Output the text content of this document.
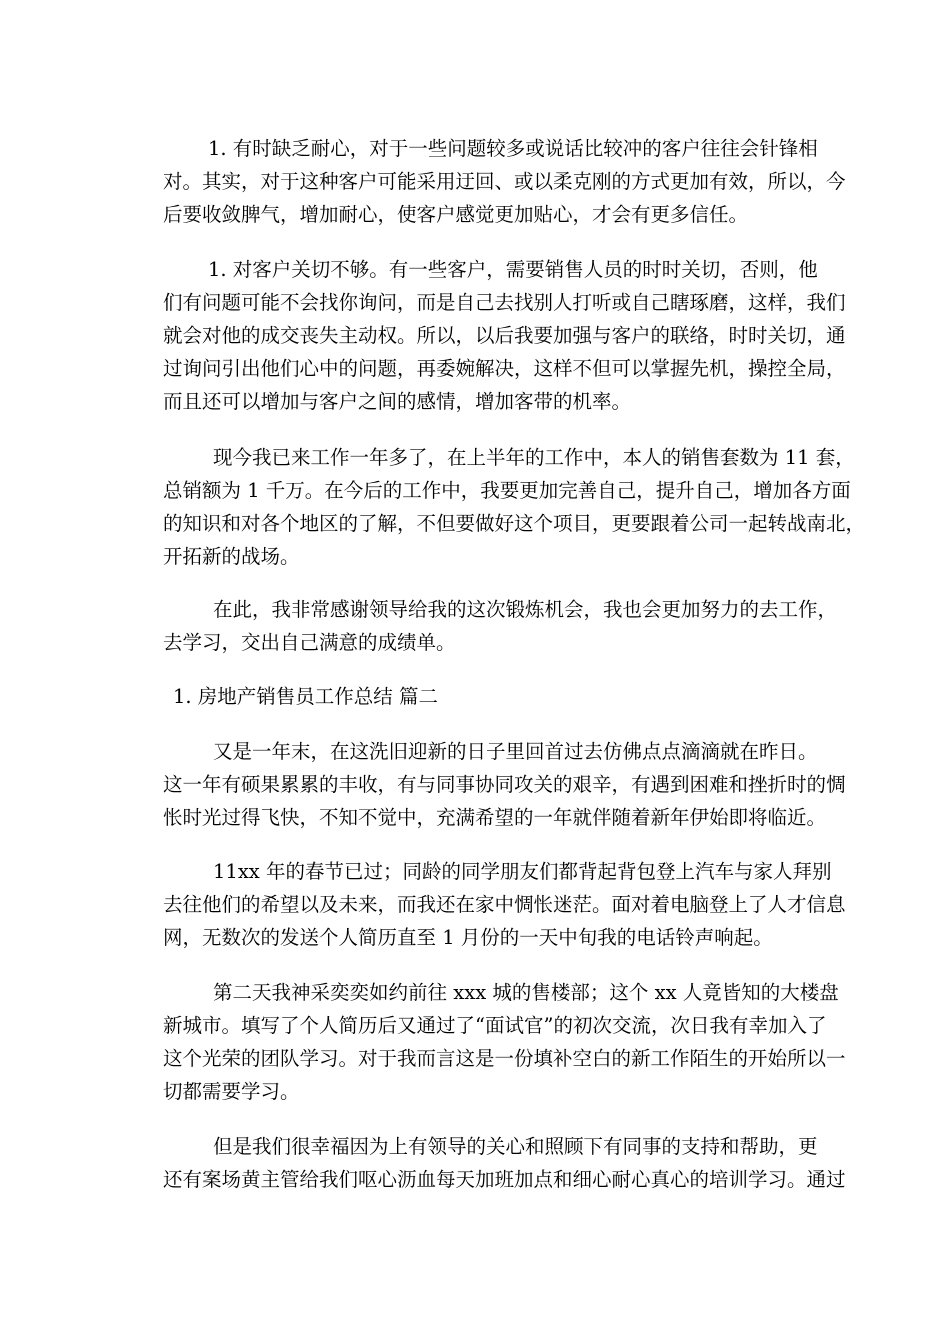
1. 有时缺乏耐心，对于一些问题较多或说话比较冲的客户往往会针锋相
对。其实，对于这种客户可能采用迂回、或以柔克刚的方式更加有效，所以，今
后要收敛脾气，增加耐心，使客户感觉更加贴心，才会有更多信任。

1. 对客户关切不够。有一些客户，需要销售人员的时时关切，否则，他
们有问题可能不会找你询问，而是自己去找别人打听或自己瞎琢磨，这样，我们
就会对他的成交丧失主动权。所以，以后我要加强与客户的联络，时时关切，通
过询问引出他们心中的问题，再委婉解决，这样不但可以掌握先机，操控全局，
而且还可以增加与客户之间的感情，增加客带的机率。

现今我已来工作一年多了，在上半年的工作中，本人的销售套数为 11 套，
总销额为 1 千万。在今后的工作中，我要更加完善自己，提升自己，增加各方面
的知识和对各个地区的了解，不但要做好这个项目，更要跟着公司一起转战南北，
开拓新的战场。

在此，我非常感谢领导给我的这次锻炼机会，我也会更加努力的去工作，
去学习，交出自己满意的成绩单。

1. 房地产销售员工作总结 篇二

又是一年末，在这洗旧迎新的日子里回首过去仿佛点点滴滴就在昨日。
这一年有硕果累累的丰收，有与同事协同攻关的艰辛，有遇到困难和挫折时的惆
怅时光过得飞快，不知不觉中，充满希望的一年就伴随着新年伊始即将临近。

11xx 年的春节已过；同龄的同学朋友们都背起背包登上汽车与家人拜别
去往他们的希望以及未来，而我还在家中惆怅迷茫。面对着电脑登上了人才信息
网，无数次的发送个人简历直至 1 月份的一天中旬我的电话铃声响起。

第二天我神采奕奕如约前往 xxx 城的售楼部；这个 xx 人竟皆知的大楼盘
新城市。填写了个人简历后又通过了“面试官”的初次交流，次日我有幸加入了
这个光荣的团队学习。对于我而言这是一份填补空白的新工作陌生的开始所以一
切都需要学习。

但是我们很幸福因为上有领导的关心和照顾下有同事的支持和帮助，更
还有案场黄主管给我们呕心沥血每天加班加点和细心耐心真心的培训学习。通过
